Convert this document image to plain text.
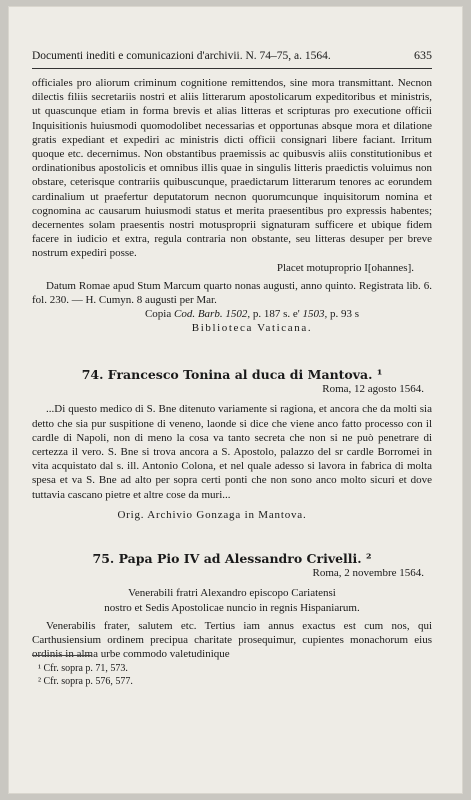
Documenti inediti e comunicazioni d'archivii. N. 74–75, a. 1564.	635

officiales pro aliorum criminum cognitione remittendos, sine mora transmittant. Necnon dilectis filiis secretariis nostri et aliis litterarum apostolicarum expeditoribus et ministris, ut quascunque etiam in forma brevis et alias litteras et scripturas pro executione officii Inquisitionis huiusmodi quomodolibet necessarias et opportunas absque mora et dilatione gratis expediant et expediri ac ministris dicti officii consignari libere faciant. Irritum quoque etc. decernimus. Non obstantibus praemissis ac quibusvis aliis constitutionibus et ordinationibus apostolicis et omnibus illis quae in singulis litteris praedictis voluimus non obstare, ceterisque contrariis quibuscunque, praedictarum litterarum tenores ac eorundem cardinalium ut praefertur deputatorum necnon quorumcunque inquisitorum nomina et cognomina ac causarum huiusmodi status et merita praesentibus pro expressis habentes; decernentes solam praesentis nostri motusproprii signaturam sufficere et ubique fidem facere in iudicio et extra, regula contraria non obstante, seu litteras desuper per breve nostrum expediri posse.

Placet motuproprio I[ohannes].

Datum Romae apud Stum Marcum quarto nonas augusti, anno quinto. Registrata lib. 6. fol. 230. — H. Cumyn. 8 augusti per Mar.

Copia Cod. Barb. 1502, p. 187 s. e' 1503, p. 93 s

Biblioteca Vaticana.

74. Francesco Tonina al duca di Mantova. ¹

Roma, 12 agosto 1564.

...Di questo medico di S. Bne ditenuto variamente si ragiona, et ancora che da molti sia detto che sia pur suspitione di veneno, laonde si dice che viene anco fatto processo con il cardle di Napoli, non di meno la cosa va tanto secreta che non si ne può penetrare di certezza il vero. S. Bne si trova ancora a S. Apostolo, palazzo del sr cardle Borromei in vita acquistato dal s. ill. Antonio Colona, et nel quale adesso si lavora in fabrica di molta spesa et va S. Bne ad alto per sopra certi ponti che non sono anco molto sicuri et dove tuttavia cascano pietre et altre cose da muri...

Orig. Archivio Gonzaga in Mantova.

75. Papa Pio IV ad Alessandro Crivelli. ²

Roma, 2 novembre 1564.

Venerabili fratri Alexandro episcopo Cariatensi

nostro et Sedis Apostolicae nuncio in regnis Hispaniarum.

Venerabilis frater, salutem etc. Tertius iam annus exactus est cum nos, qui Carthusiensium ordinem precipua charitate prosequimur, cupientes monachorum eius ordinis in alma urbe commodo valetudinique

¹ Cfr. sopra p. 71, 573.
² Cfr. sopra p. 576, 577.
